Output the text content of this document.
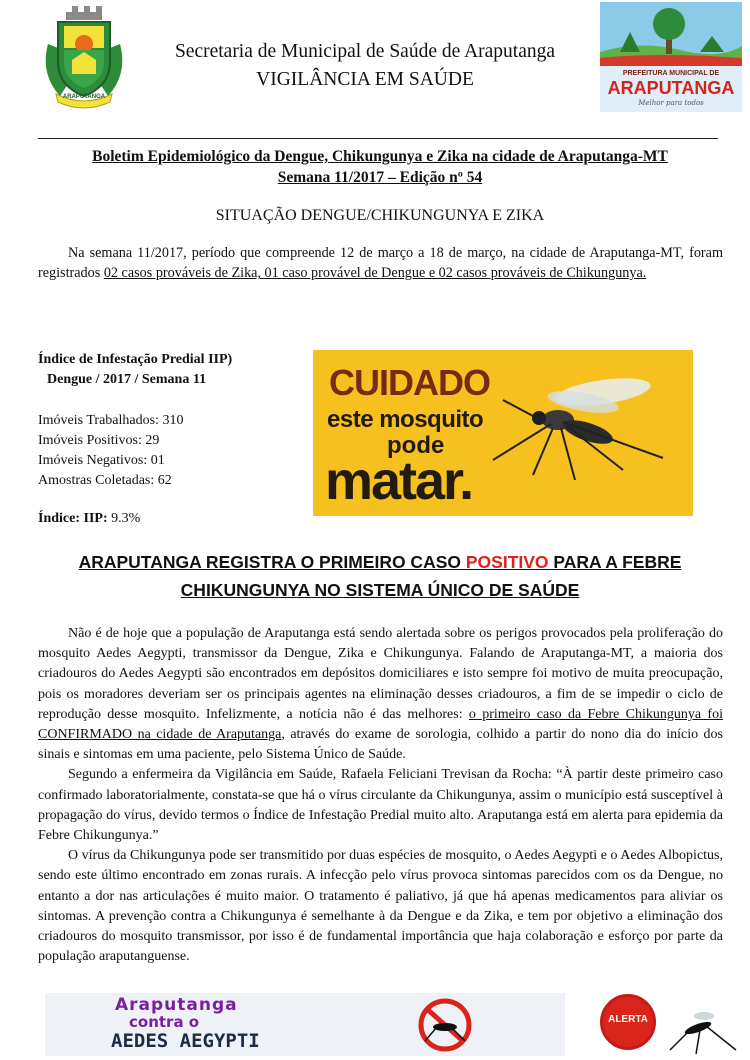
ARAPUTANGA
Secretaria de Municipal de Saúde de Araputanga
VIGILÂNCIA EM SAÚDE	PREFEITURA MUNICIPAL DE
ARAPUTANGA
Melhor para todos
Boletim Epidemiológico da Dengue, Chikungunya e Zika na cidade de Araputanga-MT
Semana 11/2017 – Edição nº 54
SITUAÇÃO DENGUE/CHIKUNGUNYA E ZIKA
Na semana 11/2017, período que compreende 12 de março a 18 de março, na cidade de Araputanga-MT, foram registrados 02 casos prováveis de Zika, 01 caso provável de Dengue e 02 casos prováveis de Chikungunya.
Índice de Infestação Predial IIP)
Dengue / 2017 / Semana 11
Imóveis Trabalhados: 310
Imóveis Positivos: 29
Imóveis Negativos: 01
Amostras Coletadas: 62
Índice: IIP: 9.3%
CUIDADO
este mosquito
pode
matar.
ARAPUTANGA REGISTRA O PRIMEIRO CASO POSITIVO PARA A FEBRE
CHIKUNGUNYA NO SISTEMA ÚNICO DE SAÚDE

Não é de hoje que a população de Araputanga está sendo alertada sobre os perigos provocados pela proliferação do mosquito Aedes Aegypti, transmissor da Dengue, Zika e Chikungunya. Falando de Araputanga-MT, a maioria dos criadouros do Aedes Aegypti são encontrados em depósitos domiciliares e isto sempre foi motivo de muita preocupação, pois os moradores deveriam ser os principais agentes na eliminação desses criadouros, a fim de se impedir o ciclo de reprodução desse mosquito. Infelizmente, a notícia não é das melhores: o primeiro caso da Febre Chikungunya foi CONFIRMADO na cidade de Araputanga, através do exame de sorologia, colhido a partir do nono dia do início dos sinais e sintomas em uma paciente, pelo Sistema Único de Saúde.

Segundo a enfermeira da Vigilância em Saúde, Rafaela Feliciani Trevisan da Rocha: “À partir deste primeiro caso confirmado laboratorialmente, constata-se que há o vírus circulante da Chikungunya, assim o município está susceptível à propagação do vírus, devido termos o Índice de Infestação Predial muito alto. Araputanga está em alerta para epidemia da Febre Chikungunya.”

O vírus da Chikungunya pode ser transmitido por duas espécies de mosquito, o Aedes Aegypti e o Aedes Albopictus, sendo este último encontrado em zonas rurais. A infecção pelo vírus provoca sintomas parecidos com os da Dengue, no entanto a dor nas articulações é muito maior. O tratamento é paliativo, já que há apenas medicamentos para aliviar os sintomas. A prevenção contra a Chikungunya é semelhante à da Dengue e da Zika, e tem por objetivo a eliminação dos criadouros do mosquito transmissor, por isso é de fundamental importância que haja colaboração e esforço por parte da população araputanguense.

Araputanga
contra o
AEDES AEGYPTI
ALERTA
